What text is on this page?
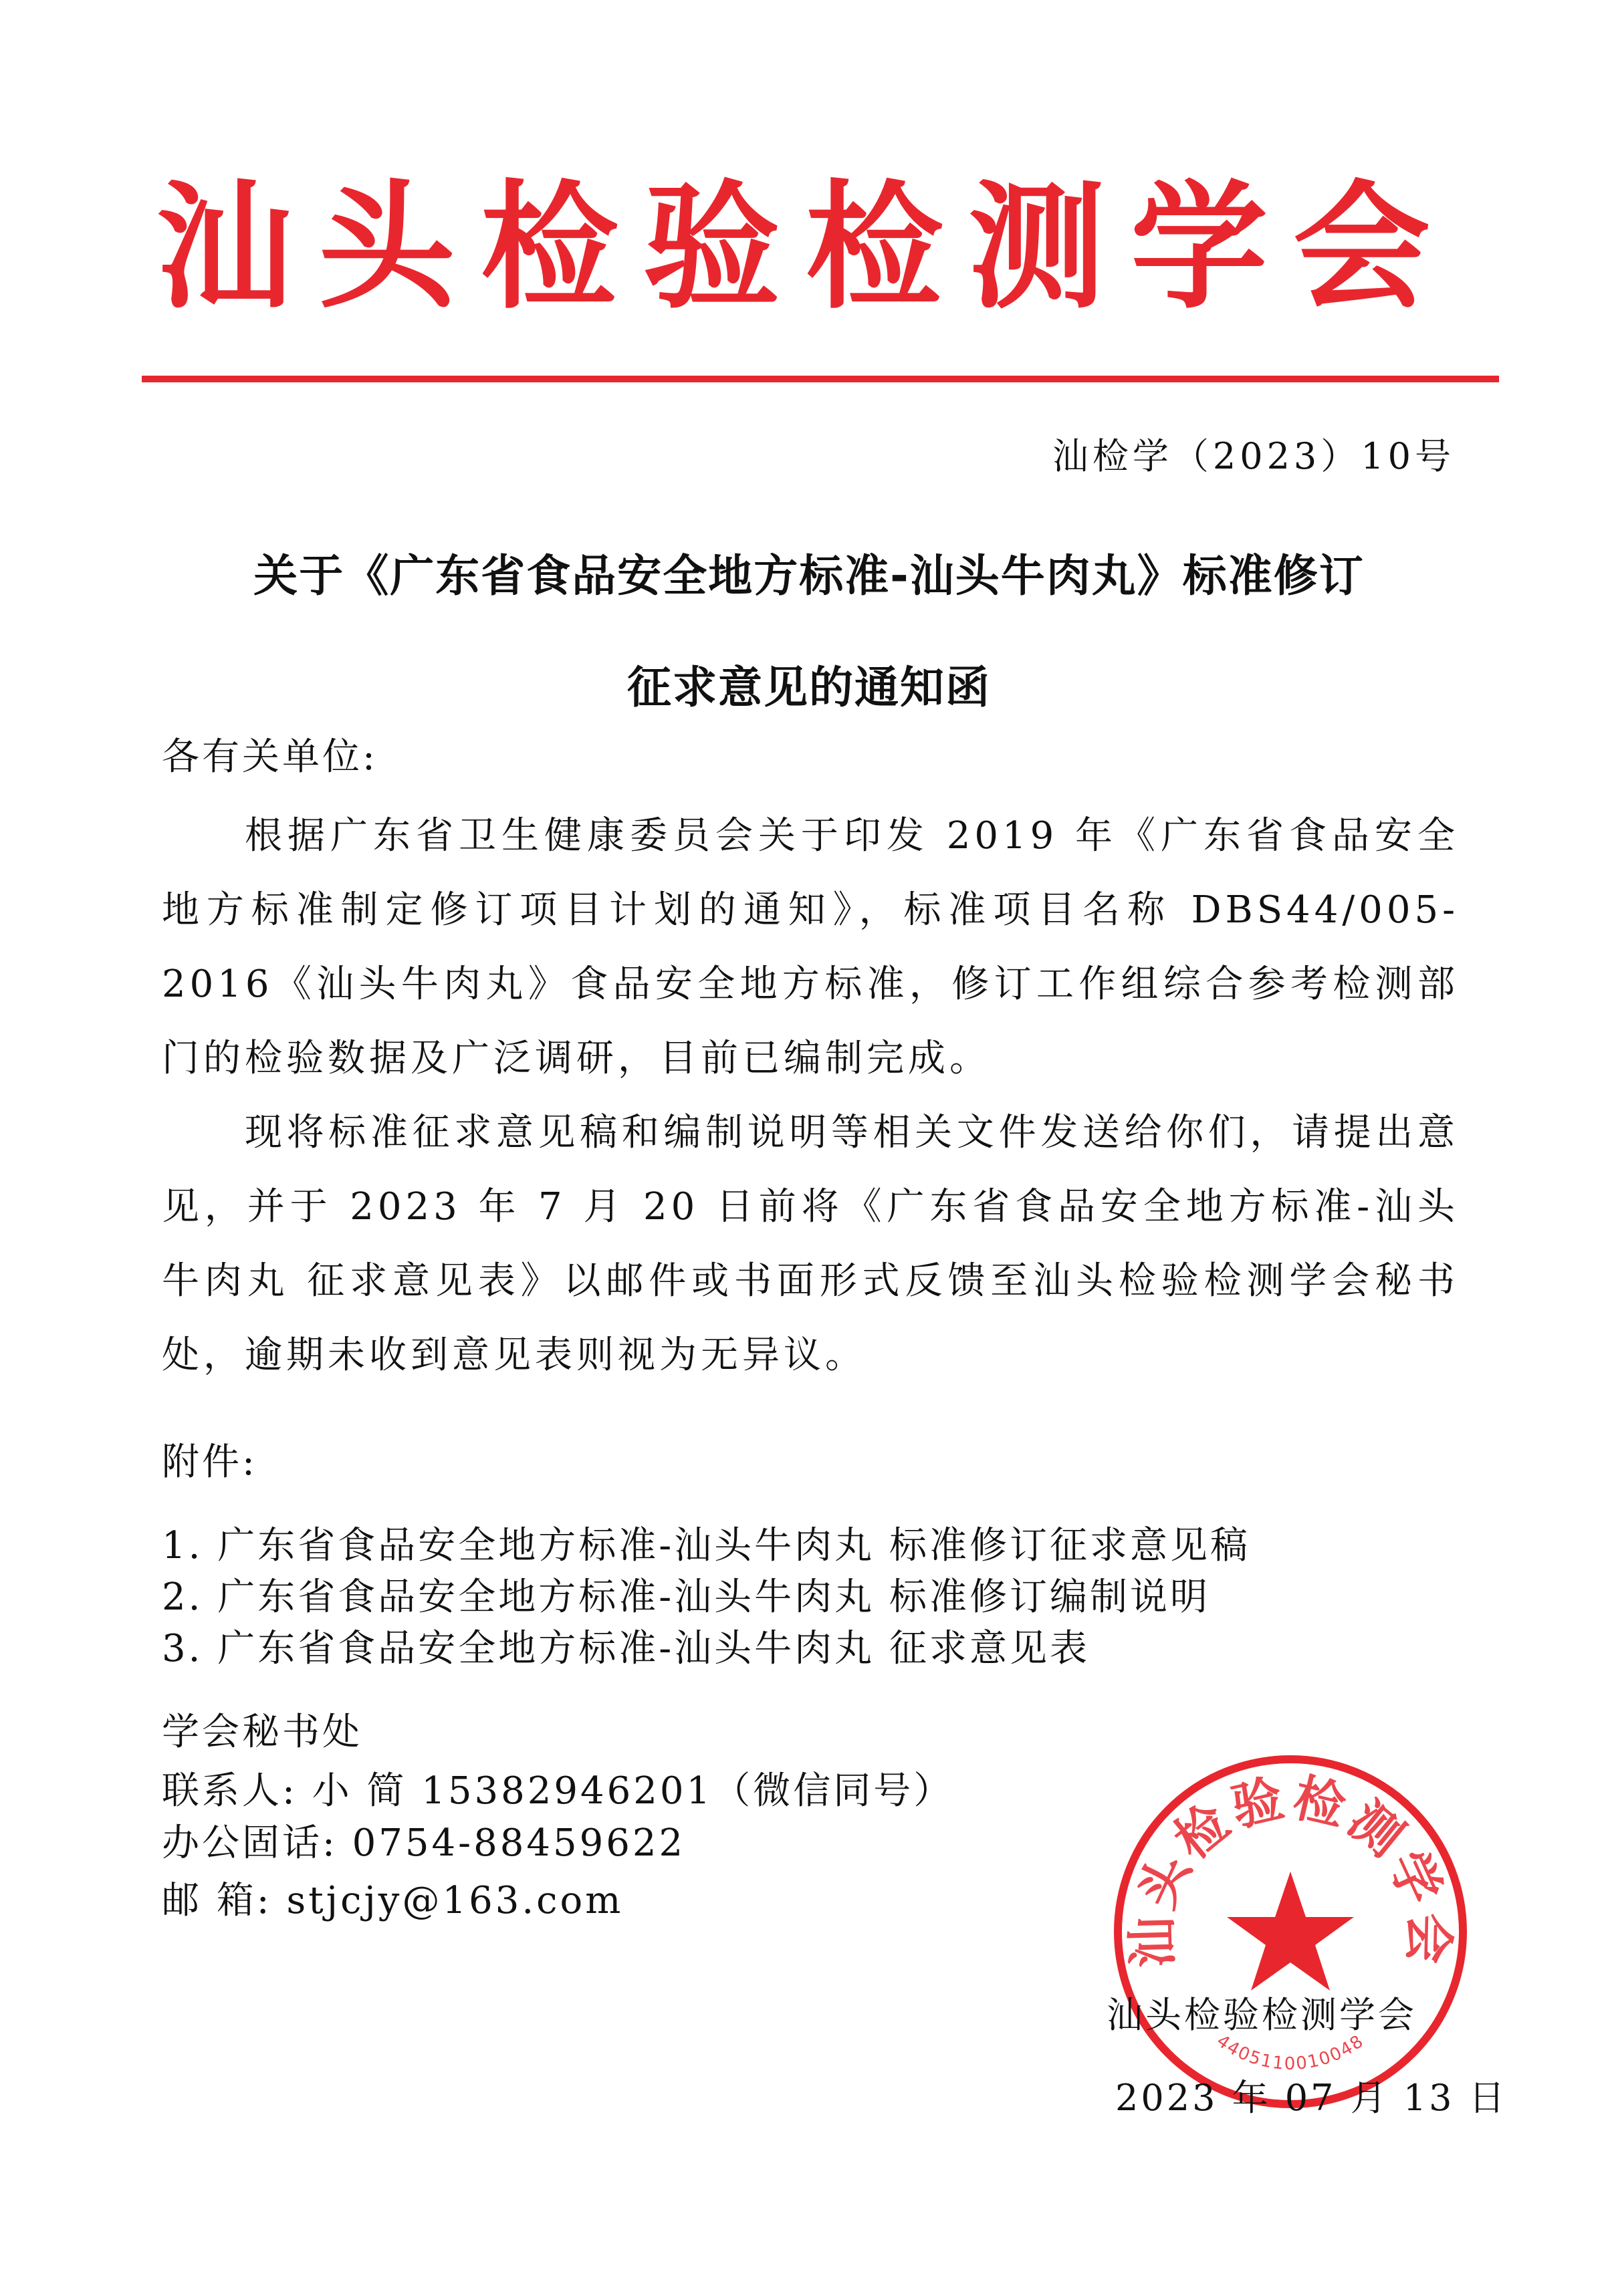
汕头检验检测学会
汕检学（2023）10号
关于《广东省食品安全地方标准-汕头牛肉丸》标准修订
征求意见的通知函
各有关单位:
根据广东省卫生健康委员会关于印发 2019 年《广东省食品安全地方标准制定修订项目计划的通知》，标准项目名称 DBS44/005-2016《汕头牛肉丸》食品安全地方标准，修订工作组综合参考检测部门的检验数据及广泛调研，目前已编制完成。
现将标准征求意见稿和编制说明等相关文件发送给你们，请提出意见，并于 2023 年 7 月 20 日前将《广东省食品安全地方标准-汕头牛肉丸 征求意见表》以邮件或书面形式反馈至汕头检验检测学会秘书处，逾期未收到意见表则视为无异议。
附件:
1. 广东省食品安全地方标准-汕头牛肉丸 标准修订征求意见稿
2. 广东省食品安全地方标准-汕头牛肉丸 标准修订编制说明
3. 广东省食品安全地方标准-汕头牛肉丸 征求意见表
学会秘书处
联系人: 小 简 15382946201（微信同号）
办公固话: 0754-88459622
邮 箱: stjcjy@163.com
汕头检验检测学会
4405110010048
汕头检验检测学会
2023 年 07 月 13 日
